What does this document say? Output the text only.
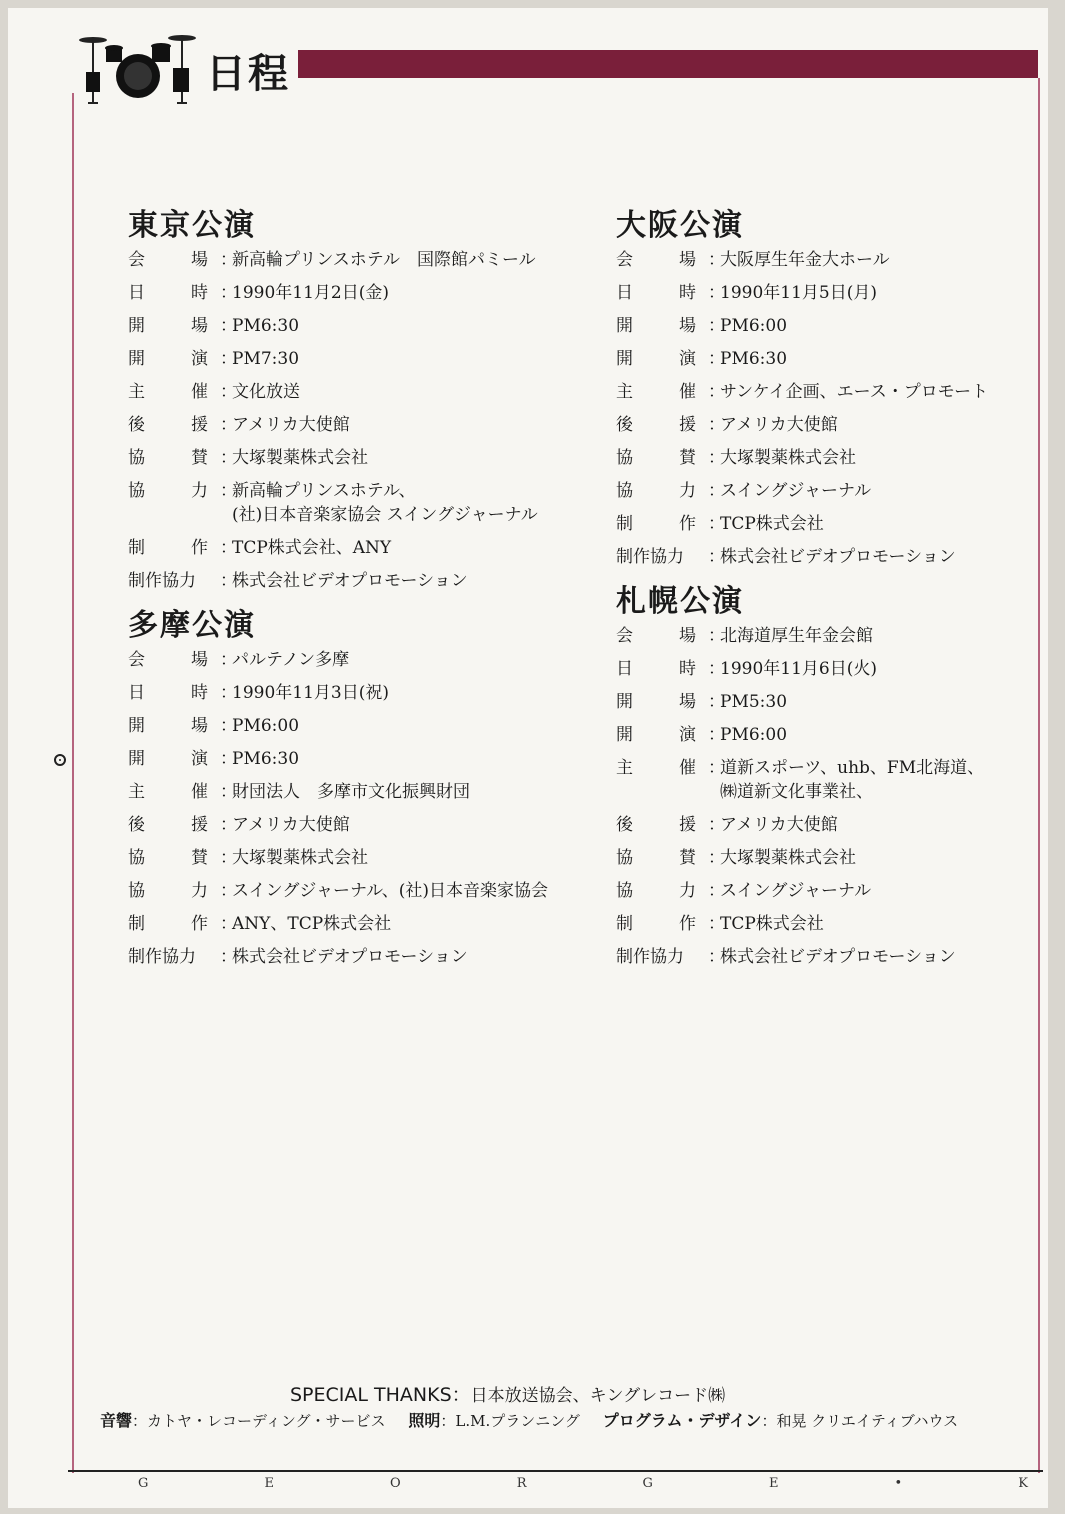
日程
東京公演
会	場 ：
新高輪プリンスホテル　国際館パミール
日	時 ：
1990年11月2日(金)
開	場 ：
PM6:30
開	演 ：
PM7:30
主	催 ：
文化放送
後	援 ：
アメリカ大使館
協	賛 ：
大塚製薬株式会社
協	力 ：
新高輪プリンスホテル、
(社)日本音楽家協会 スイングジャーナル
制	作 ：
TCP株式会社、ANY
制作協力 ：
株式会社ビデオプロモーション
多摩公演
会	場 ：
パルテノン多摩
日	時 ：
1990年11月3日(祝)
開	場 ：
PM6:00
開	演 ：
PM6:30
主	催 ：
財団法人　多摩市文化振興財団
後	援 ：
アメリカ大使館
協	賛 ：
大塚製薬株式会社
協	力 ：
スイングジャーナル、(社)日本音楽家協会
制	作 ：
ANY、TCP株式会社
制作協力 ：
株式会社ビデオプロモーション
大阪公演
会	場 ：
大阪厚生年金大ホール
日	時 ：
1990年11月5日(月)
開	場 ：
PM6:00
開	演 ：
PM6:30
主	催 ：
サンケイ企画、エース・プロモート
後	援 ：
アメリカ大使館
協	賛 ：
大塚製薬株式会社
協	力 ：
スイングジャーナル
制	作 ：
TCP株式会社
制作協力 ：
株式会社ビデオプロモーション
札幌公演
会	場 ：
北海道厚生年金会館
日	時 ：
1990年11月6日(火)
開	場 ：
PM5:30
開	演 ：
PM6:00
主	催 ：
道新スポーツ、uhb、FM北海道、
㈱道新文化事業社、
後	援 ：
アメリカ大使館
協	賛 ：
大塚製薬株式会社
協	力 ：
スイングジャーナル
制	作 ：
TCP株式会社
制作協力 ：
株式会社ビデオプロモーション
SPECIAL THANKS：日本放送協会、キングレコード㈱
音響：カトヤ・レコーディング・サービス 照明：L.M.プランニング プログラム・デザイン：和晃 クリエイティブハウス
G	E	O	R	G	E	•	K
